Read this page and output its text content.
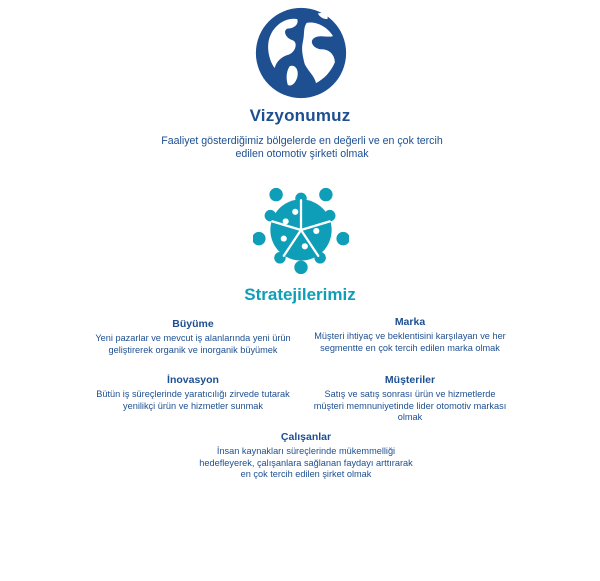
Vizyonumuz
Faaliyet gösterdiğimiz bölgelerde en değerli ve en çok tercih edilen otomotiv şirketi olmak
Stratejilerimiz
Büyüme
Yeni pazarlar ve mevcut iş alanlarında yeni ürün geliştirerek organik ve inorganik büyümek
Marka
Müşteri ihtiyaç ve beklentisini karşılayan ve her segmentte en çok tercih edilen marka olmak
İnovasyon
Bütün iş süreçlerinde yaratıcılığı zirvede tutarak yenilikçi ürün ve hizmetler sunmak
Müşteriler
Satış ve satış sonrası ürün ve hizmetlerde müşteri memnuniyetinde lider otomotiv markası olmak
Çalışanlar
İnsan kaynakları süreçlerinde mükemmelliği hedefleyerek, çalışanlara sağlanan faydayı arttırarak en çok tercih edilen şirket olmak
